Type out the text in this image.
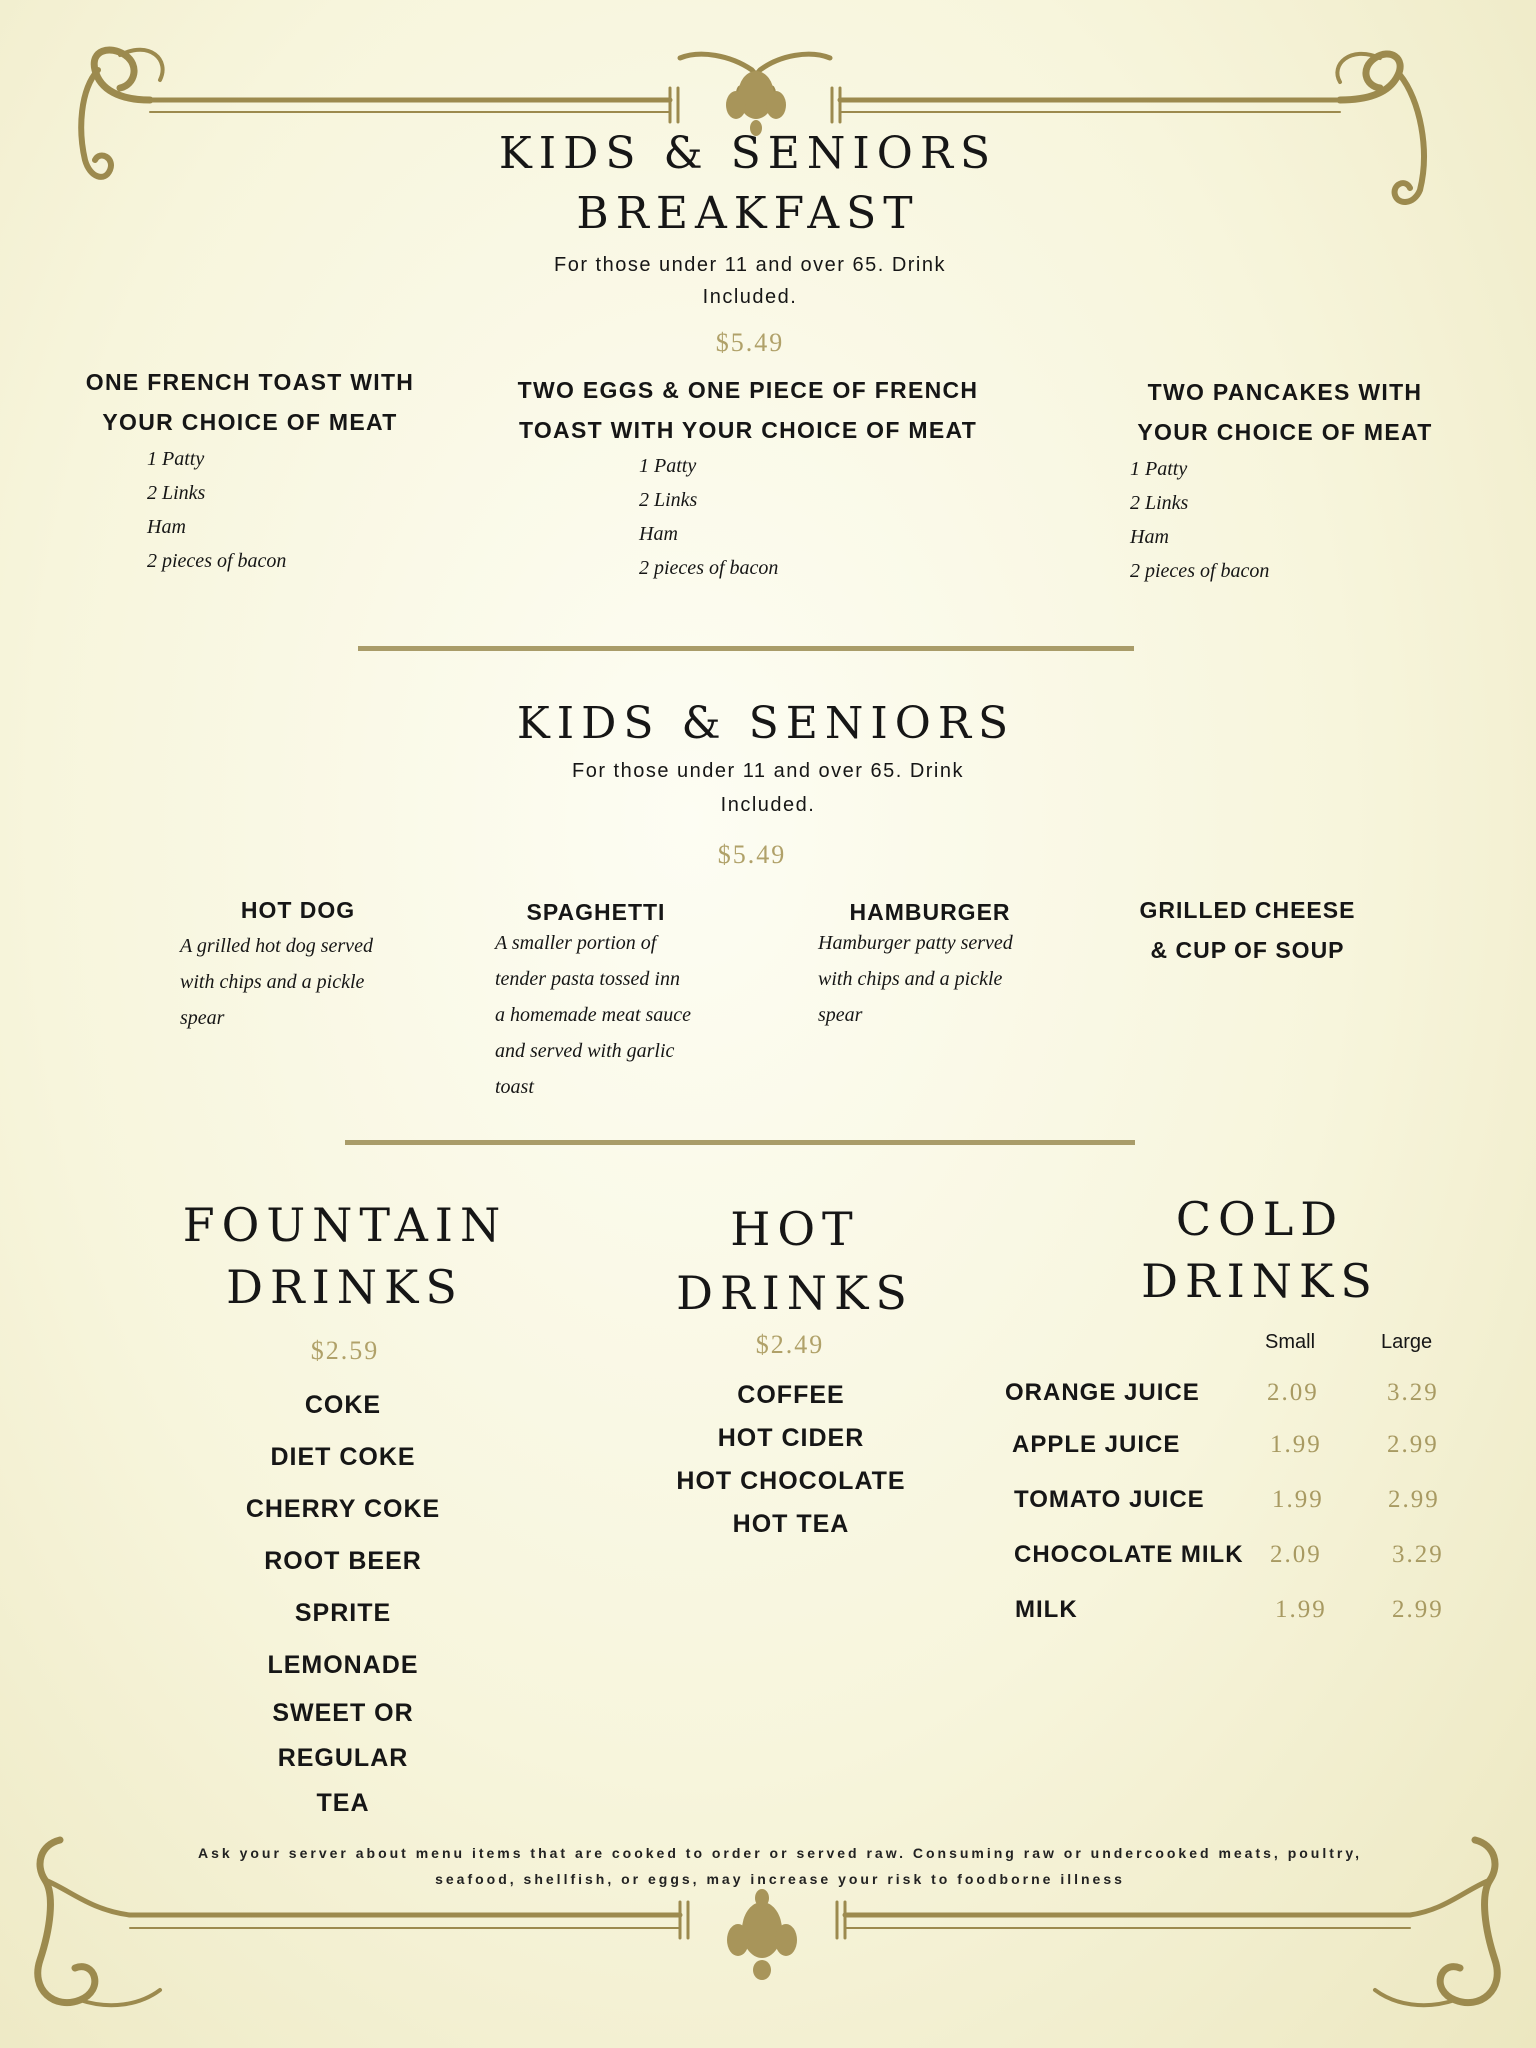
KIDS & SENIORS
BREAKFAST
For those under 11 and over 65. Drink
Included.
$5.49
ONE FRENCH TOAST WITH
YOUR CHOICE OF MEAT
1 Patty
2 Links
Ham
2 pieces of bacon
TWO EGGS & ONE PIECE OF FRENCH
TOAST WITH YOUR CHOICE OF MEAT
1 Patty
2 Links
Ham
2 pieces of bacon
TWO PANCAKES WITH
YOUR CHOICE OF MEAT
1 Patty
2 Links
Ham
2 pieces of bacon
KIDS & SENIORS
For those under 11 and over 65. Drink
Included.
$5.49
HOT DOG
A grilled hot dog served
with chips and a pickle
spear
SPAGHETTI
A smaller portion of
tender pasta tossed inn
a homemade meat sauce
and served with garlic
toast
HAMBURGER
Hamburger patty served
with chips and a pickle
spear
GRILLED CHEESE
& CUP OF SOUP
FOUNTAIN
DRINKS
$2.59
COKE
DIET COKE
CHERRY COKE
ROOT BEER
SPRITE
LEMONADE
SWEET OR
REGULAR
TEA
HOT
DRINKS
$2.49
COFFEE
HOT CIDER
HOT CHOCOLATE
HOT TEA
COLD
DRINKS
Small	Large
ORANGE JUICE	2.09	3.29
APPLE JUICE	1.99	2.99
TOMATO JUICE	1.99	2.99
CHOCOLATE MILK 2.09	3.29
MILK	1.99	2.99
Ask your server about menu items that are cooked to order or served raw. Consuming raw or undercooked meats, poultry,
seafood, shellfish, or eggs, may increase your risk to foodborne illness
